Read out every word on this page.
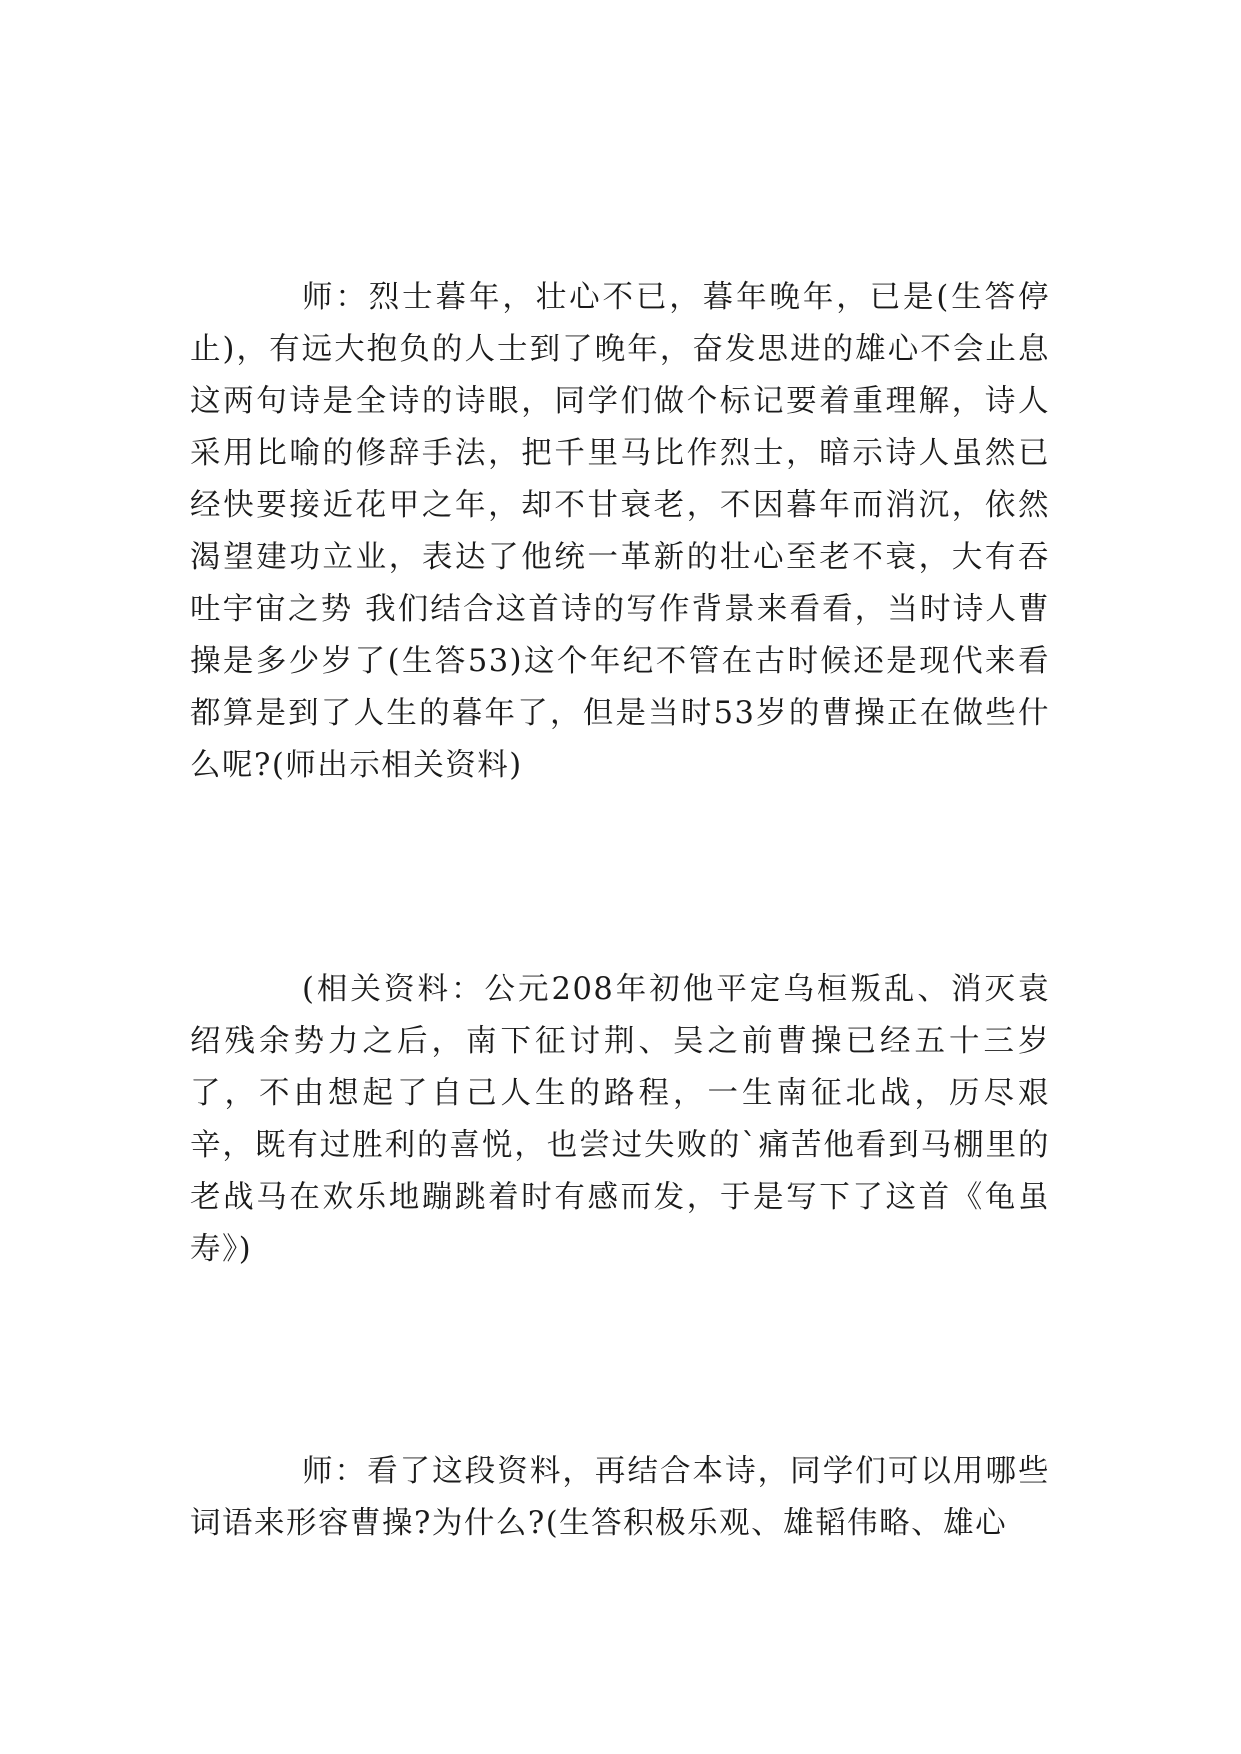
师：烈士暮年，壮心不已，暮年晚年，已是(生答停止)，有远大抱负的人士到了晚年，奋发思进的雄心不会止息这两句诗是全诗的诗眼，同学们做个标记要着重理解，诗人采用比喻的修辞手法，把千里马比作烈士，暗示诗人虽然已经快要接近花甲之年，却不甘衰老，不因暮年而消沉，依然渴望建功立业，表达了他统一革新的壮心至老不衰，大有吞吐宇宙之势 我们结合这首诗的写作背景来看看，当时诗人曹操是多少岁了(生答53)这个年纪不管在古时候还是现代来看都算是到了人生的暮年了，但是当时53岁的曹操正在做些什么呢?(师出示相关资料)

(相关资料：公元208年初他平定乌桓叛乱、消灭袁绍残余势力之后，南下征讨荆、吴之前曹操已经五十三岁了，不由想起了自己人生的路程，一生南征北战，历尽艰辛，既有过胜利的喜悦，也尝过失败的`痛苦他看到马棚里的老战马在欢乐地蹦跳着时有感而发，于是写下了这首《龟虽寿》)

师：看了这段资料，再结合本诗，同学们可以用哪些词语来形容曹操?为什么?(生答积极乐观、雄韬伟略、雄心
